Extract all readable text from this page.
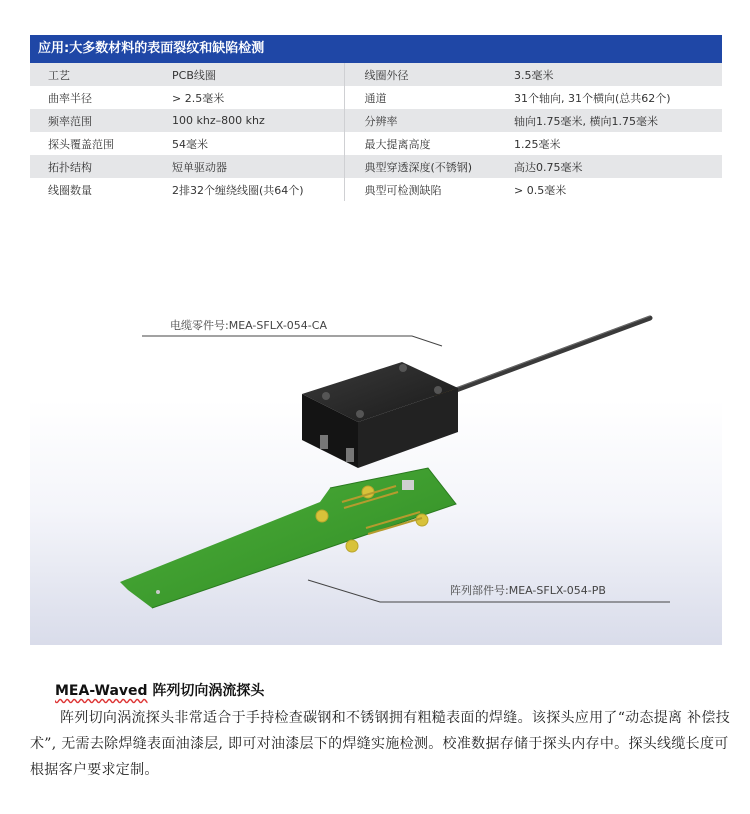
应用:大多数材料的表面裂纹和缺陷检测
工艺	PCB线圈	线圈外径	3.5毫米
曲率半径	> 2.5毫米	通道	31个轴向, 31个横向(总共62个)
频率范围	100 khz–800 khz	分辨率	轴向1.75毫米, 横向1.75毫米
探头覆盖范围	54毫米	最大提离高度	1.25毫米
拓扑结构	短单驱动器	典型穿透深度(不锈钢)	高达0.75毫米
线圈数量	2排32个缠绕线圈(共64个)	典型可检测缺陷	> 0.5毫米
电缆零件号:MEA-SFLX-054-CA
阵列部件号:MEA-SFLX-054-PB
MEA-Waved 阵列切向涡流探头
阵列切向涡流探头非常适合于手持检查碳钢和不锈钢拥有粗糙表面的焊缝。该探头应用了“动态提离 补偿技术”, 无需去除焊缝表面油漆层, 即可对油漆层下的焊缝实施检测。校准数据存储于探头内存中。探头线缆长度可根据客户要求定制。
